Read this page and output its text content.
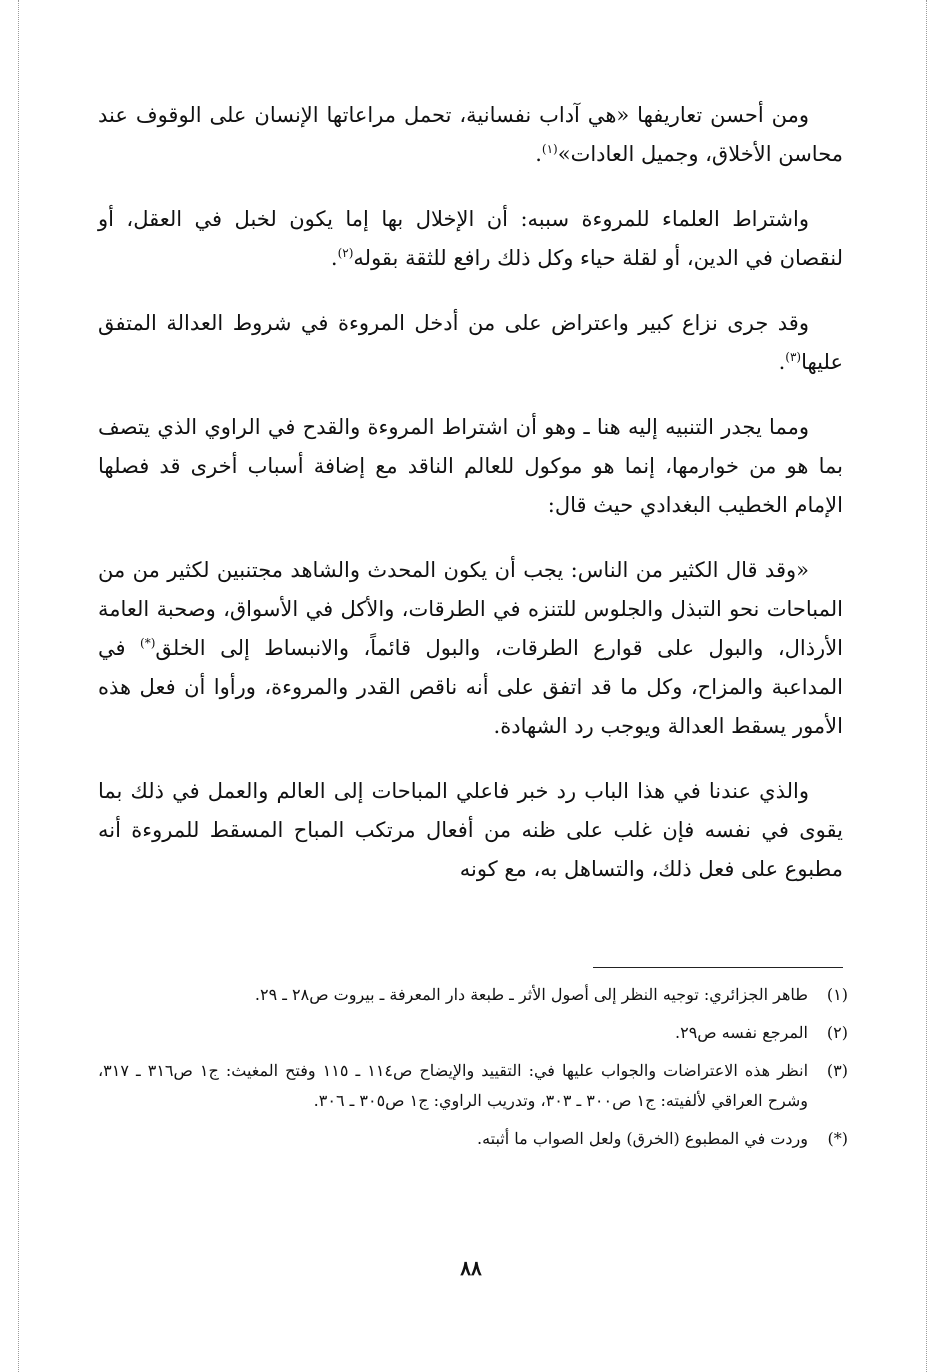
ومن أحسن تعاريفها «هي آداب نفسانية، تحمل مراعاتها الإنسان على الوقوف عند محاسن الأخلاق، وجميل العادات»$^{(١)}$.

واشتراط العلماء للمروءة سببه: أن الإخلال بها إما يكون لخبل في العقل، أو لنقصان في الدين، أو لقلة حياء وكل ذلك رافع للثقة بقوله$^{(٢)}$.

وقد جرى نزاع كبير واعتراض على من أدخل المروءة في شروط العدالة المتفق عليها$^{(٣)}$.

ومما يجدر التنبيه إليه هنا ـ وهو أن اشتراط المروءة والقدح في الراوي الذي يتصف بما هو من خوارمها، إنما هو موكول للعالم الناقد مع إضافة أسباب أخرى قد فصلها الإمام الخطيب البغدادي حيث قال:

«وقد قال الكثير من الناس: يجب أن يكون المحدث والشاهد مجتنبين لكثير من من المباحات نحو التبذل والجلوس للتنزه في الطرقات، والأكل في الأسواق، وصحبة العامة الأرذال، والبول على قوارع الطرقات، والبول قائماً، والانبساط إلى الخلق(*) في المداعبة والمزاح، وكل ما قد اتفق على أنه ناقص القدر والمروءة، ورأوا أن فعل هذه الأمور يسقط العدالة ويوجب رد الشهادة.

والذي عندنا في هذا الباب رد خبر فاعلي المباحات إلى العالم والعمل في ذلك بما يقوى في نفسه فإن غلب على ظنه من أفعال مرتكب المباح المسقط للمروءة أنه مطبوع على فعل ذلك، والتساهل به، مع كونه

(١)
طاهر الجزائري: توجيه النظر إلى أصول الأثر ـ طبعة دار المعرفة ـ بيروت ص٢٨ ـ ٢٩.
(٢)
المرجع نفسه ص٢٩.
(٣)
انظر هذه الاعتراضات والجواب عليها في: التقييد والإيضاح ص١١٤ ـ ١١٥ وفتح المغيث: ج١ ص٣١٦ ـ ٣١٧، وشرح العراقي لألفيته: ج١ ص٣٠٠ ـ ٣٠٣، وتدريب الراوي: ج١ ص٣٠٥ ـ ٣٠٦.
(*)
وردت في المطبوع (الخرق) ولعل الصواب ما أثبته.
٨٨
